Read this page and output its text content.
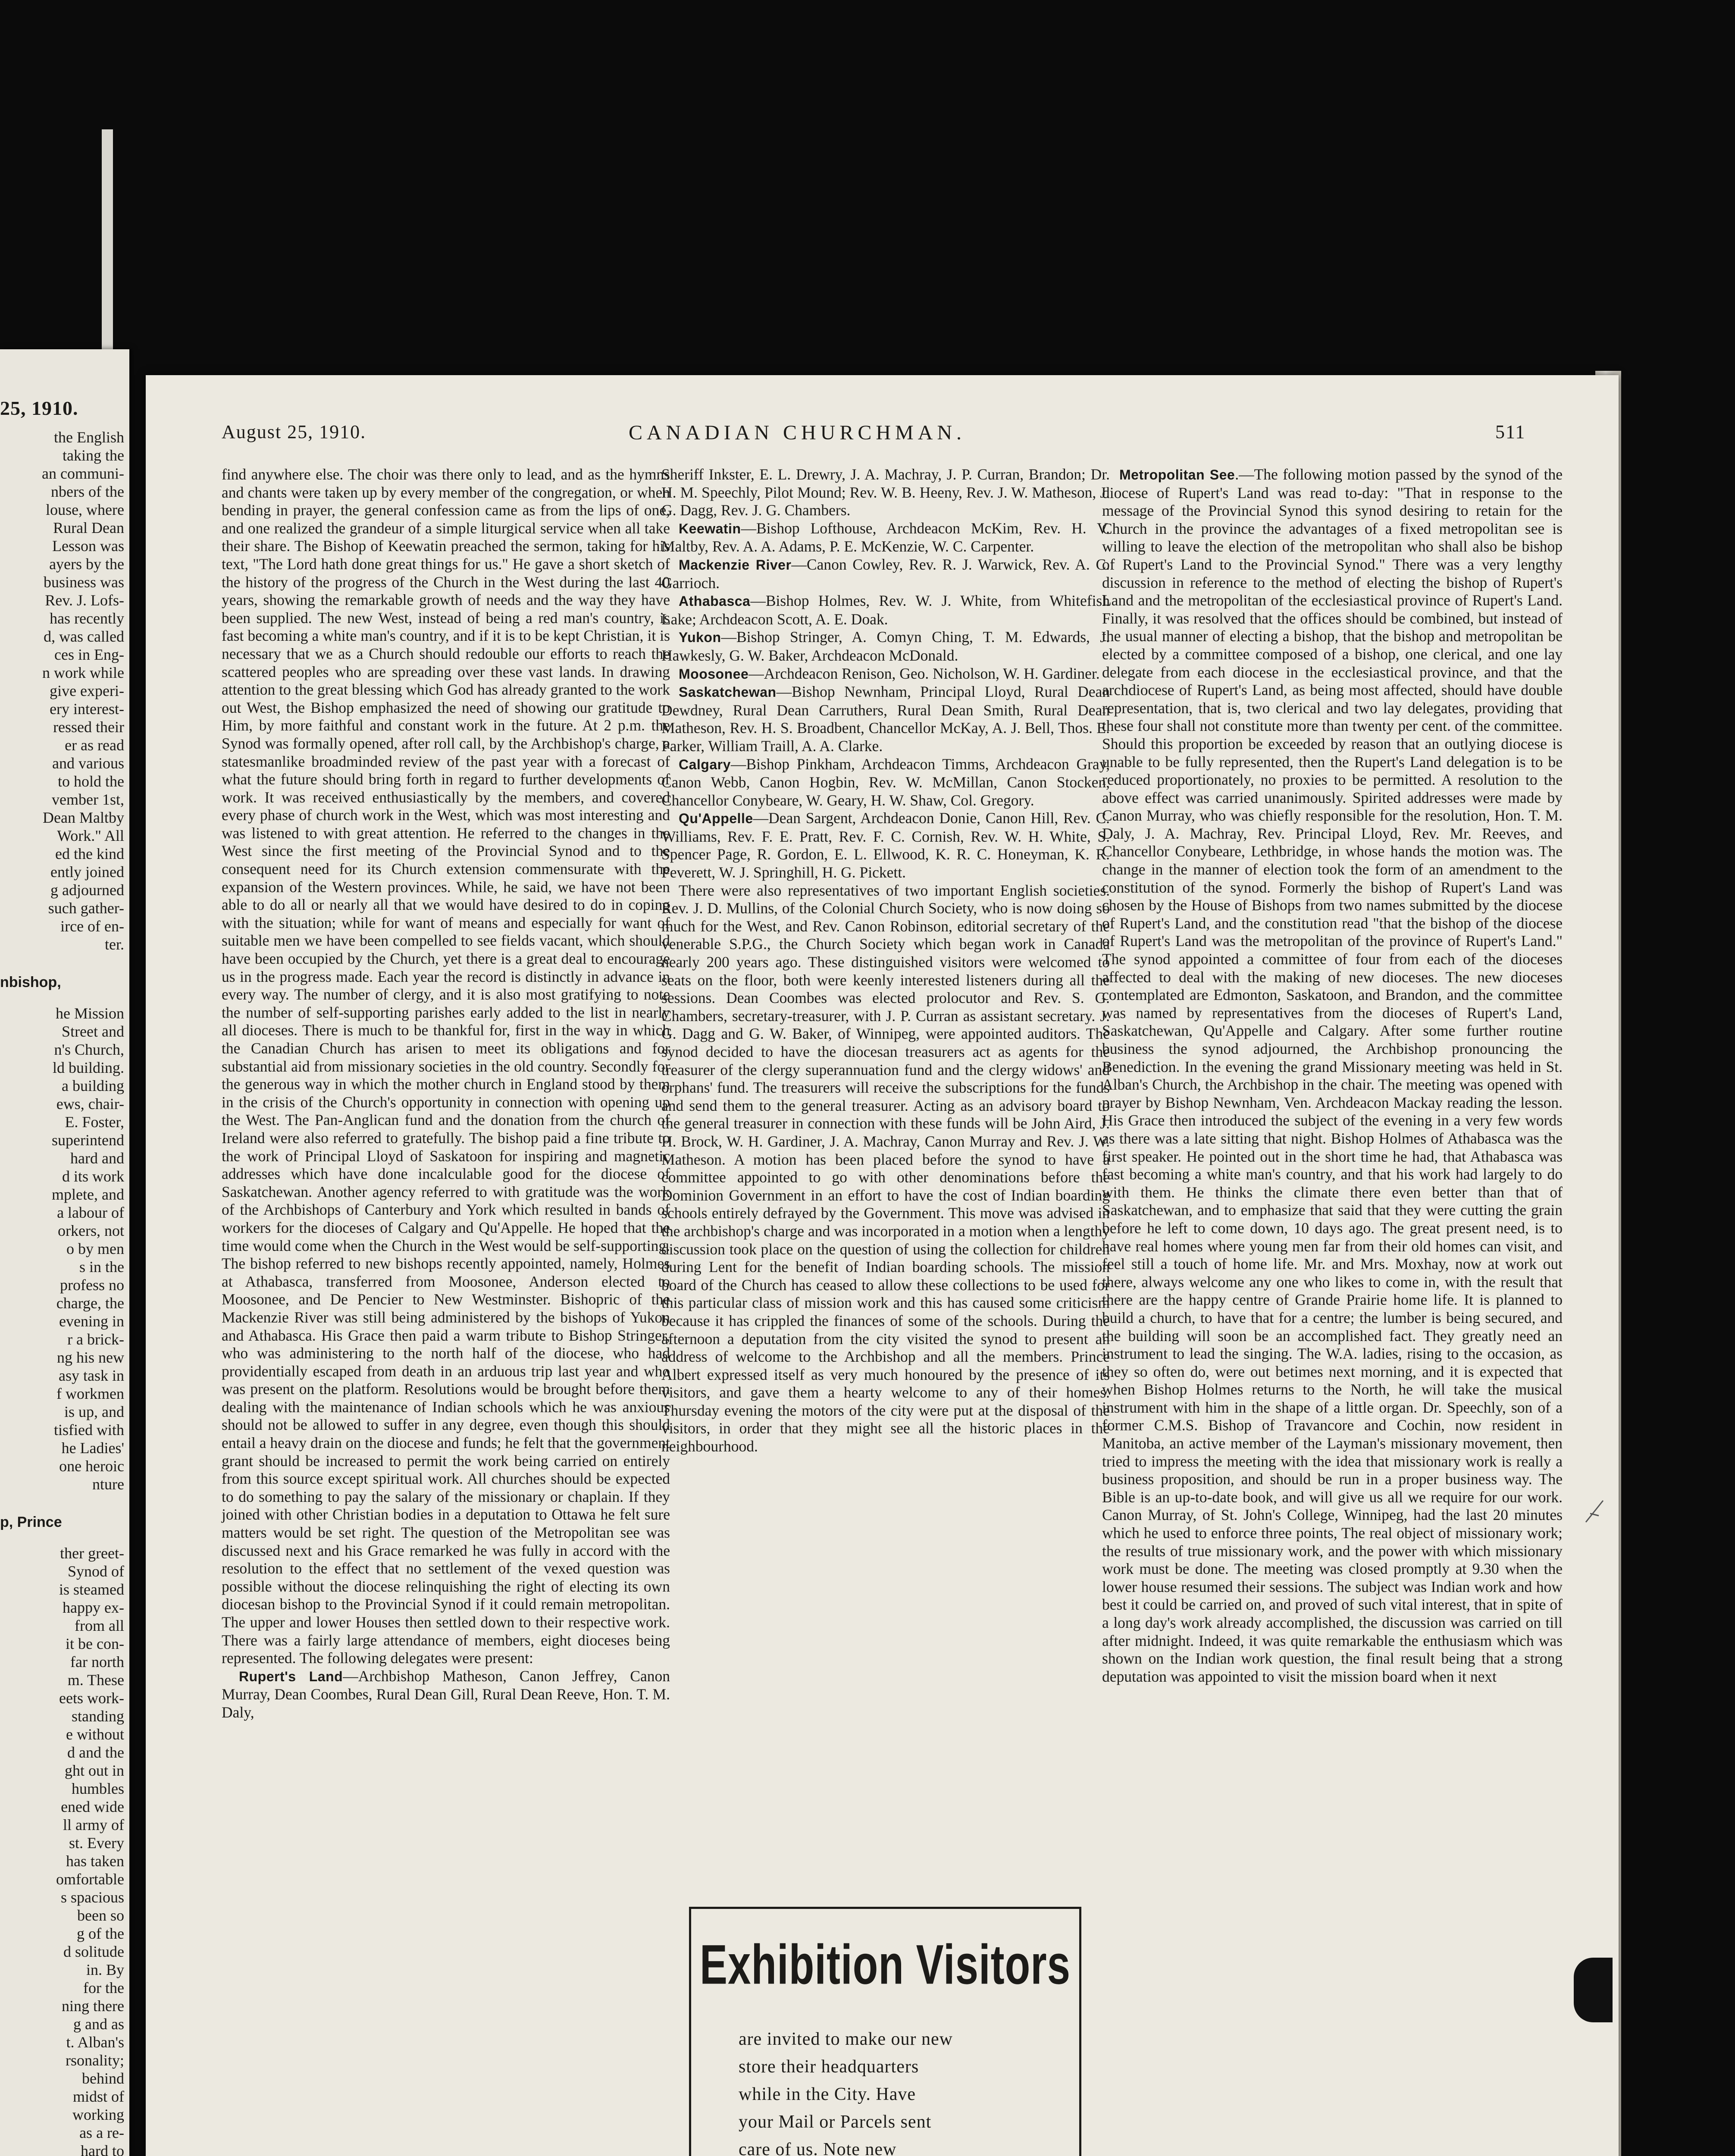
25, 1910.
the English
taking the
an communi-
nbers of the
louse, where
Rural Dean
Lesson was
ayers by the
business was
Rev. J. Lofs-
has recently
d, was called
ces in Eng-
n work while
give experi-
ery interest-
ressed their
er as read
and various
to hold the
vember 1st,
Dean Maltby
Work." All
ed the kind
ently joined
g adjourned
such gather-
irce of en-
ter.
nbishop,
he Mission
Street and
n's Church,
ld building.
a building
ews, chair-
E. Foster,
superintend
hard and
d its work
mplete, and
a labour of
orkers, not
o by men
s in the
profess no
charge, the
evening in
r a brick-
ng his new
asy task in
f workmen
is up, and
tisfied with
he Ladies'
one heroic
nture
p, Prince
ther greet-
Synod of
is steamed
happy ex-
from all
it be con-
far north
m. These
eets work-
standing
e without
d and the
ght out in
humbles
ened wide
ll army of
st. Every
has taken
omfortable
s spacious
been so
g of the
d solitude
in. By
for the
ning there
g and as
t. Alban's
rsonality;
behind
midst of
working
as a re-
hard to
August 25, 1910.	CANADIAN CHURCHMAN.	511

find anywhere else. The choir was there only to lead, and as the hymns and chants were taken up by every member of the congregation, or when bending in prayer, the general confession came as from the lips of one, and one realized the grandeur of a simple liturgical service when all take their share. The Bishop of Keewatin preached the sermon, taking for his text, "The Lord hath done great things for us." He gave a short sketch of the history of the progress of the Church in the West during the last 40 years, showing the remarkable growth of needs and the way they have been supplied. The new West, instead of being a red man's country, is fast becoming a white man's country, and if it is to be kept Christian, it is necessary that we as a Church should redouble our efforts to reach the scattered peoples who are spreading over these vast lands. In drawing attention to the great blessing which God has already granted to the work out West, the Bishop emphasized the need of showing our gratitude to Him, by more faithful and constant work in the future. At 2 p.m. the Synod was formally opened, after roll call, by the Archbishop's charge, a statesmanlike broadminded review of the past year with a forecast of what the future should bring forth in regard to further developments of work. It was received enthusiastically by the members, and covered every phase of church work in the West, which was most interesting and was listened to with great attention. He referred to the changes in the West since the first meeting of the Provincial Synod and to the consequent need for its Church extension commensurate with the expansion of the Western provinces. While, he said, we have not been able to do all or nearly all that we would have desired to do in coping with the situation; while for want of means and especially for want of suitable men we have been compelled to see fields vacant, which should have been occupied by the Church, yet there is a great deal to encourage us in the progress made. Each year the record is distinctly in advance in every way. The number of clergy, and it is also most gratifying to note the number of self-supporting parishes early added to the list in nearly all dioceses. There is much to be thankful for, first in the way in which the Canadian Church has arisen to meet its obligations and for substantial aid from missionary societies in the old country. Secondly for the generous way in which the mother church in England stood by them in the crisis of the Church's opportunity in connection with opening up the West. The Pan-Anglican fund and the donation from the church of Ireland were also referred to gratefully. The bishop paid a fine tribute to the work of Principal Lloyd of Saskatoon for inspiring and magnetic addresses which have done incalculable good for the diocese of Saskatchewan. Another agency referred to with gratitude was the work of the Archbishops of Canterbury and York which resulted in bands of workers for the dioceses of Calgary and Qu'Appelle. He hoped that the time would come when the Church in the West would be self-supporting. The bishop referred to new bishops recently appointed, namely, Holmes at Athabasca, transferred from Moosonee, Anderson elected to Moosonee, and De Pencier to New Westminster. Bishopric of the Mackenzie River was still being administered by the bishops of Yukon and Athabasca. His Grace then paid a warm tribute to Bishop Stringer, who was administering to the north half of the diocese, who had providentially escaped from death in an arduous trip last year and who was present on the platform. Resolutions would be brought before them dealing with the maintenance of Indian schools which he was anxious should not be allowed to suffer in any degree, even though this should entail a heavy drain on the diocese and funds; he felt that the government grant should be increased to permit the work being carried on entirely from this source except spiritual work. All churches should be expected to do something to pay the salary of the missionary or chaplain. If they joined with other Christian bodies in a deputation to Ottawa he felt sure matters would be set right. The question of the Metropolitan see was discussed next and his Grace remarked he was fully in accord with the resolution to the effect that no settlement of the vexed question was possible without the diocese relinquishing the right of electing its own diocesan bishop to the Provincial Synod if it could remain metropolitan. The upper and lower Houses then settled down to their respective work. There was a fairly large attendance of members, eight dioceses being represented. The following delegates were present:

Rupert's Land—Archbishop Matheson, Canon Jeffrey, Canon Murray, Dean Coombes, Rural Dean Gill, Rural Dean Reeve, Hon. T. M. Daly,

Sheriff Inkster, E. L. Drewry, J. A. Machray, J. P. Curran, Brandon; Dr. H. M. Speechly, Pilot Mound; Rev. W. B. Heeny, Rev. J. W. Matheson, J. G. Dagg, Rev. J. G. Chambers.

Keewatin—Bishop Lofthouse, Archdeacon McKim, Rev. H. V. Maltby, Rev. A. A. Adams, P. E. McKenzie, W. C. Carpenter.

Mackenzie River—Canon Cowley, Rev. R. J. Warwick, Rev. A. C. Garrioch.

Athabasca—Bishop Holmes, Rev. W. J. White, from Whitefish Lake; Archdeacon Scott, A. E. Doak.

Yukon—Bishop Stringer, A. Comyn Ching, T. M. Edwards, J. Hawkesly, G. W. Baker, Archdeacon McDonald.

Moosonee—Archdeacon Renison, Geo. Nicholson, W. H. Gardiner.

Saskatchewan—Bishop Newnham, Principal Lloyd, Rural Dean Dewdney, Rural Dean Carruthers, Rural Dean Smith, Rural Dean Matheson, Rev. H. S. Broadbent, Chancellor McKay, A. J. Bell, Thos. E. Parker, William Traill, A. A. Clarke.

Calgary—Bishop Pinkham, Archdeacon Timms, Archdeacon Gray, Canon Webb, Canon Hogbin, Rev. W. McMillan, Canon Stocken, Chancellor Conybeare, W. Geary, H. W. Shaw, Col. Gregory.

Qu'Appelle—Dean Sargent, Archdeacon Donie, Canon Hill, Rev. C. Williams, Rev. F. E. Pratt, Rev. F. C. Cornish, Rev. W. H. White, S. Spencer Page, R. Gordon, E. L. Ellwood, K. R. C. Honeyman, K. R. Peverett, W. J. Springhill, H. G. Pickett.

There were also representatives of two important English societies. Rev. J. D. Mullins, of the Colonial Church Society, who is now doing so much for the West, and Rev. Canon Robinson, editorial secretary of the venerable S.P.G., the Church Society which began work in Canada nearly 200 years ago. These distinguished visitors were welcomed to seats on the floor, both were keenly interested listeners during all the sessions. Dean Coombes was elected prolocutor and Rev. S. G. Chambers, secretary-treasurer, with J. P. Curran as assistant secretary. J. G. Dagg and G. W. Baker, of Winnipeg, were appointed auditors. The synod decided to have the diocesan treasurers act as agents for the treasurer of the clergy superannuation fund and the clergy widows' and orphans' fund. The treasurers will receive the subscriptions for the funds and send them to the general treasurer. Acting as an advisory board to the general treasurer in connection with these funds will be John Aird, J. H. Brock, W. H. Gardiner, J. A. Machray, Canon Murray and Rev. J. W. Matheson. A motion has been placed before the synod to have a committee appointed to go with other denominations before the Dominion Government in an effort to have the cost of Indian boarding schools entirely defrayed by the Government. This move was advised in the archbishop's charge and was incorporated in a motion when a lengthy discussion took place on the question of using the collection for children during Lent for the benefit of Indian boarding schools. The mission board of the Church has ceased to allow these collections to be used for this particular class of mission work and this has caused some criticism because it has crippled the finances of some of the schools. During the afternoon a deputation from the city visited the synod to present an address of welcome to the Archbishop and all the members. Prince Albert expressed itself as very much honoured by the presence of its visitors, and gave them a hearty welcome to any of their homes. Thursday evening the motors of the city were put at the disposal of the visitors, in order that they might see all the historic places in the neighbourhood.

Exhibition Visitors
are invited to make our new
store their headquarters
while in the City. Have
your Mail or Parcels sent
care of us. Note new

Metropolitan See.—The following motion passed by the synod of the diocese of Rupert's Land was read to-day: "That in response to the message of the Provincial Synod this synod desiring to retain for the Church in the province the advantages of a fixed metropolitan see is willing to leave the election of the metropolitan who shall also be bishop of Rupert's Land to the Provincial Synod." There was a very lengthy discussion in reference to the method of electing the bishop of Rupert's Land and the metropolitan of the ecclesiastical province of Rupert's Land. Finally, it was resolved that the offices should be combined, but instead of the usual manner of electing a bishop, that the bishop and metropolitan be elected by a committee composed of a bishop, one clerical, and one lay delegate from each diocese in the ecclesiastical province, and that the archdiocese of Rupert's Land, as being most affected, should have double representation, that is, two clerical and two lay delegates, providing that these four shall not constitute more than twenty per cent. of the committee. Should this proportion be exceeded by reason that an outlying diocese is unable to be fully represented, then the Rupert's Land delegation is to be reduced proportionately, no proxies to be permitted. A resolution to the above effect was carried unanimously. Spirited addresses were made by Canon Murray, who was chiefly responsible for the resolution, Hon. T. M. Daly, J. A. Machray, Rev. Principal Lloyd, Rev. Mr. Reeves, and Chancellor Conybeare, Lethbridge, in whose hands the motion was. The change in the manner of election took the form of an amendment to the constitution of the synod. Formerly the bishop of Rupert's Land was chosen by the House of Bishops from two names submitted by the diocese of Rupert's Land, and the constitution read "that the bishop of the diocese of Rupert's Land was the metropolitan of the province of Rupert's Land." The synod appointed a committee of four from each of the dioceses affected to deal with the making of new dioceses. The new dioceses contemplated are Edmonton, Saskatoon, and Brandon, and the committee was named by representatives from the dioceses of Rupert's Land, Saskatchewan, Qu'Appelle and Calgary. After some further routine business the synod adjourned, the Archbishop pronouncing the Benediction. In the evening the grand Missionary meeting was held in St. Alban's Church, the Archbishop in the chair. The meeting was opened with prayer by Bishop Newnham, Ven. Archdeacon Mackay reading the lesson. His Grace then introduced the subject of the evening in a very few words as there was a late sitting that night. Bishop Holmes of Athabasca was the first speaker. He pointed out in the short time he had, that Athabasca was fast becoming a white man's country, and that his work had largely to do with them. He thinks the climate there even better than that of Saskatchewan, and to emphasize that said that they were cutting the grain before he left to come down, 10 days ago. The great present need, is to have real homes where young men far from their old homes can visit, and feel still a touch of home life. Mr. and Mrs. Moxhay, now at work out there, always welcome any one who likes to come in, with the result that there are the happy centre of Grande Prairie home life. It is planned to build a church, to have that for a centre; the lumber is being secured, and the building will soon be an accomplished fact. They greatly need an instrument to lead the singing. The W.A. ladies, rising to the occasion, as they so often do, were out betimes next morning, and it is expected that when Bishop Holmes returns to the North, he will take the musical instrument with him in the shape of a little organ. Dr. Speechly, son of a former C.M.S. Bishop of Travancore and Cochin, now resident in Manitoba, an active member of the Layman's missionary movement, then tried to impress the meeting with the idea that missionary work is really a business proposition, and should be run in a proper business way. The Bible is an up-to-date book, and will give us all we require for our work. Canon Murray, of St. John's College, Winnipeg, had the last 20 minutes which he used to enforce three points, The real object of missionary work; the results of true missionary work, and the power with which missionary work must be done. The meeting was closed promptly at 9.30 when the lower house resumed their sessions. The subject was Indian work and how best it could be carried on, and proved of such vital interest, that in spite of a long day's work already accomplished, the discussion was carried on till after midnight. Indeed, it was quite remarkable the enthusiasm which was shown on the Indian work question, the final result being that a strong deputation was appointed to visit the mission board when it next
